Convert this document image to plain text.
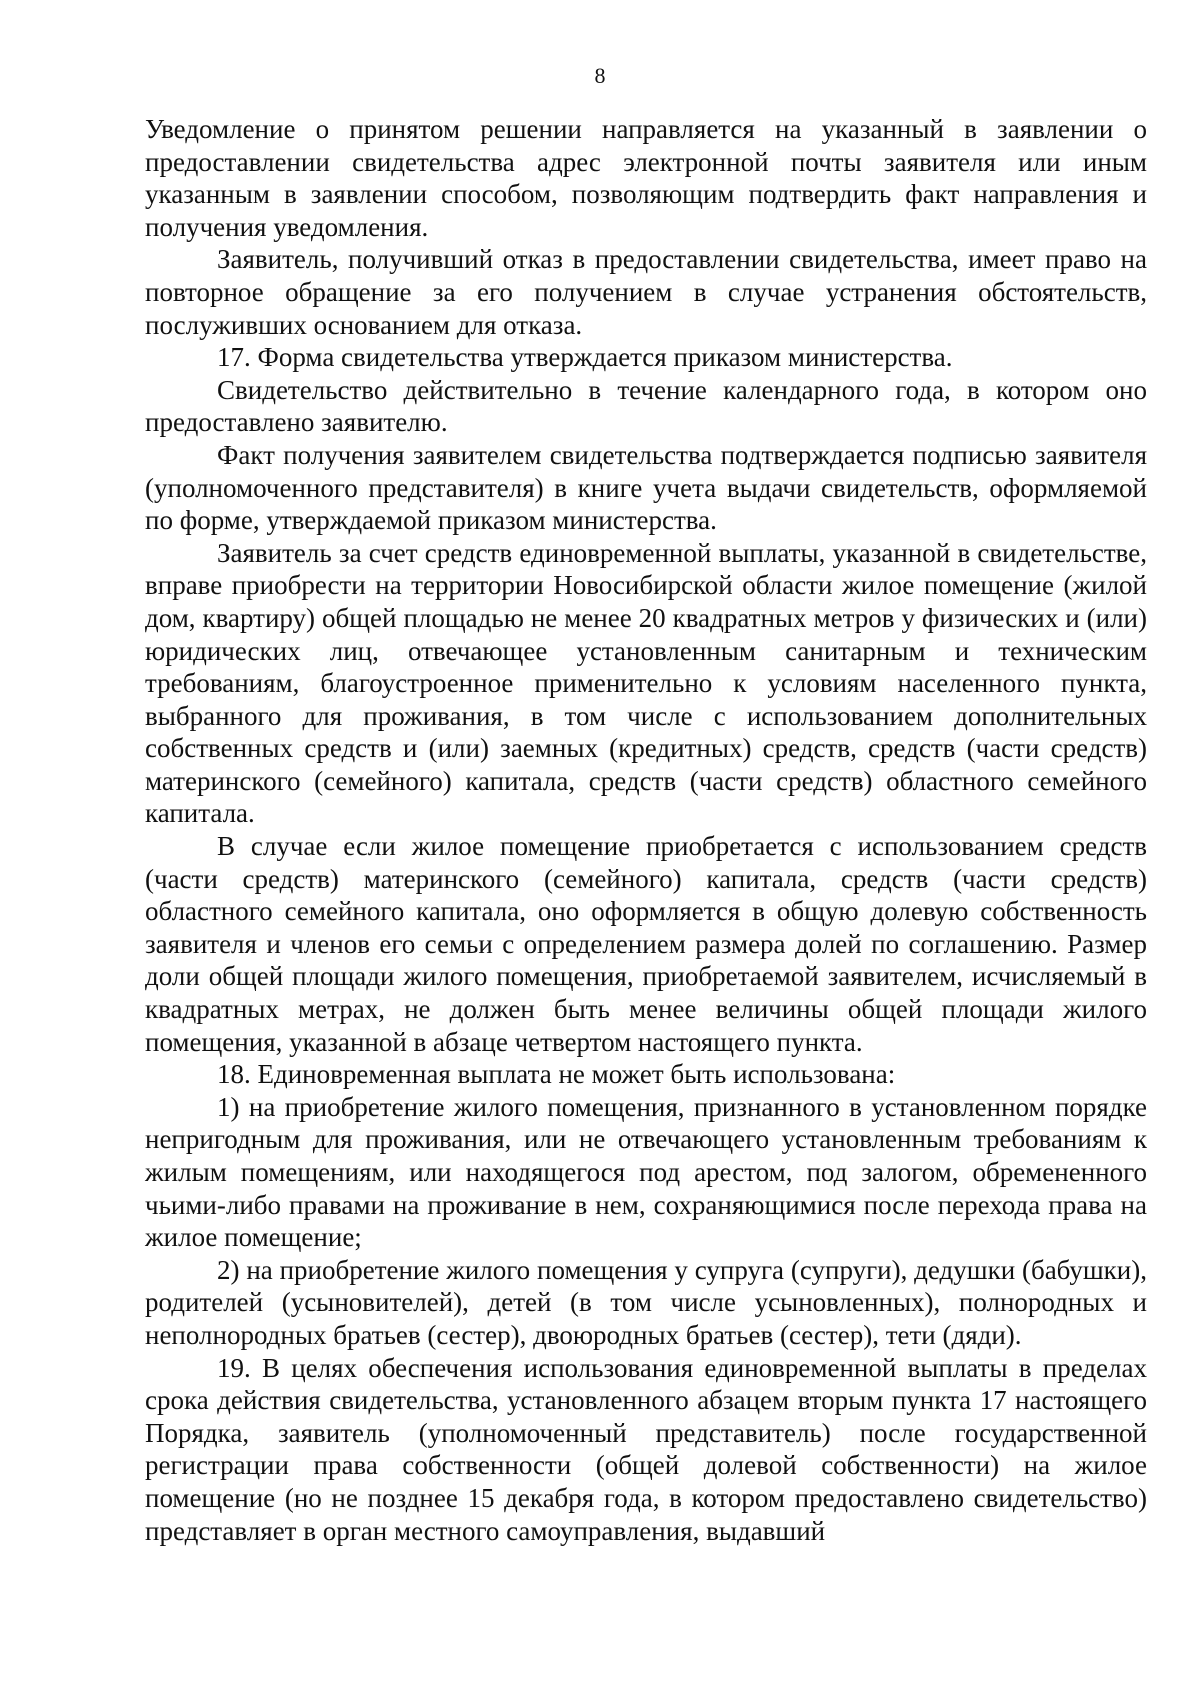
8

Уведомление о принятом решении направляется на указанный в заявлении о предоставлении свидетельства адрес электронной почты заявителя или иным указанным в заявлении способом, позволяющим подтвердить факт направления и получения уведомления.

Заявитель, получивший отказ в предоставлении свидетельства, имеет право на повторное обращение за его получением в случае устранения обстоятельств, послуживших основанием для отказа.

17. Форма свидетельства утверждается приказом министерства.

Свидетельство действительно в течение календарного года, в котором оно предоставлено заявителю.

Факт получения заявителем свидетельства подтверждается подписью заявителя (уполномоченного представителя) в книге учета выдачи свидетельств, оформляемой по форме, утверждаемой приказом министерства.

Заявитель за счет средств единовременной выплаты, указанной в свидетельстве, вправе приобрести на территории Новосибирской области жилое помещение (жилой дом, квартиру) общей площадью не менее 20 квадратных метров у физических и (или) юридических лиц, отвечающее установленным санитарным и техническим требованиям, благоустроенное применительно к условиям населенного пункта, выбранного для проживания, в том числе с использованием дополнительных собственных средств и (или) заемных (кредитных) средств, средств (части средств) материнского (семейного) капитала, средств (части средств) областного семейного капитала.

В случае если жилое помещение приобретается с использованием средств (части средств) материнского (семейного) капитала, средств (части средств) областного семейного капитала, оно оформляется в общую долевую собственность заявителя и членов его семьи с определением размера долей по соглашению. Размер доли общей площади жилого помещения, приобретаемой заявителем, исчисляемый в квадратных метрах, не должен быть менее величины общей площади жилого помещения, указанной в абзаце четвертом настоящего пункта.

18. Единовременная выплата не может быть использована:

1) на приобретение жилого помещения, признанного в установленном порядке непригодным для проживания, или не отвечающего установленным требованиям к жилым помещениям, или находящегося под арестом, под залогом, обремененного чьими-либо правами на проживание в нем, сохраняющимися после перехода права на жилое помещение;

2) на приобретение жилого помещения у супруга (супруги), дедушки (бабушки), родителей (усыновителей), детей (в том числе усыновленных), полнородных и неполнородных братьев (сестер), двоюродных братьев (сестер), тети (дяди).

19. В целях обеспечения использования единовременной выплаты в пределах срока действия свидетельства, установленного абзацем вторым пункта 17 настоящего Порядка, заявитель (уполномоченный представитель) после государственной регистрации права собственности (общей долевой собственности) на жилое помещение (но не позднее 15 декабря года, в котором предоставлено свидетельство) представляет в орган местного самоуправления, выдавший
